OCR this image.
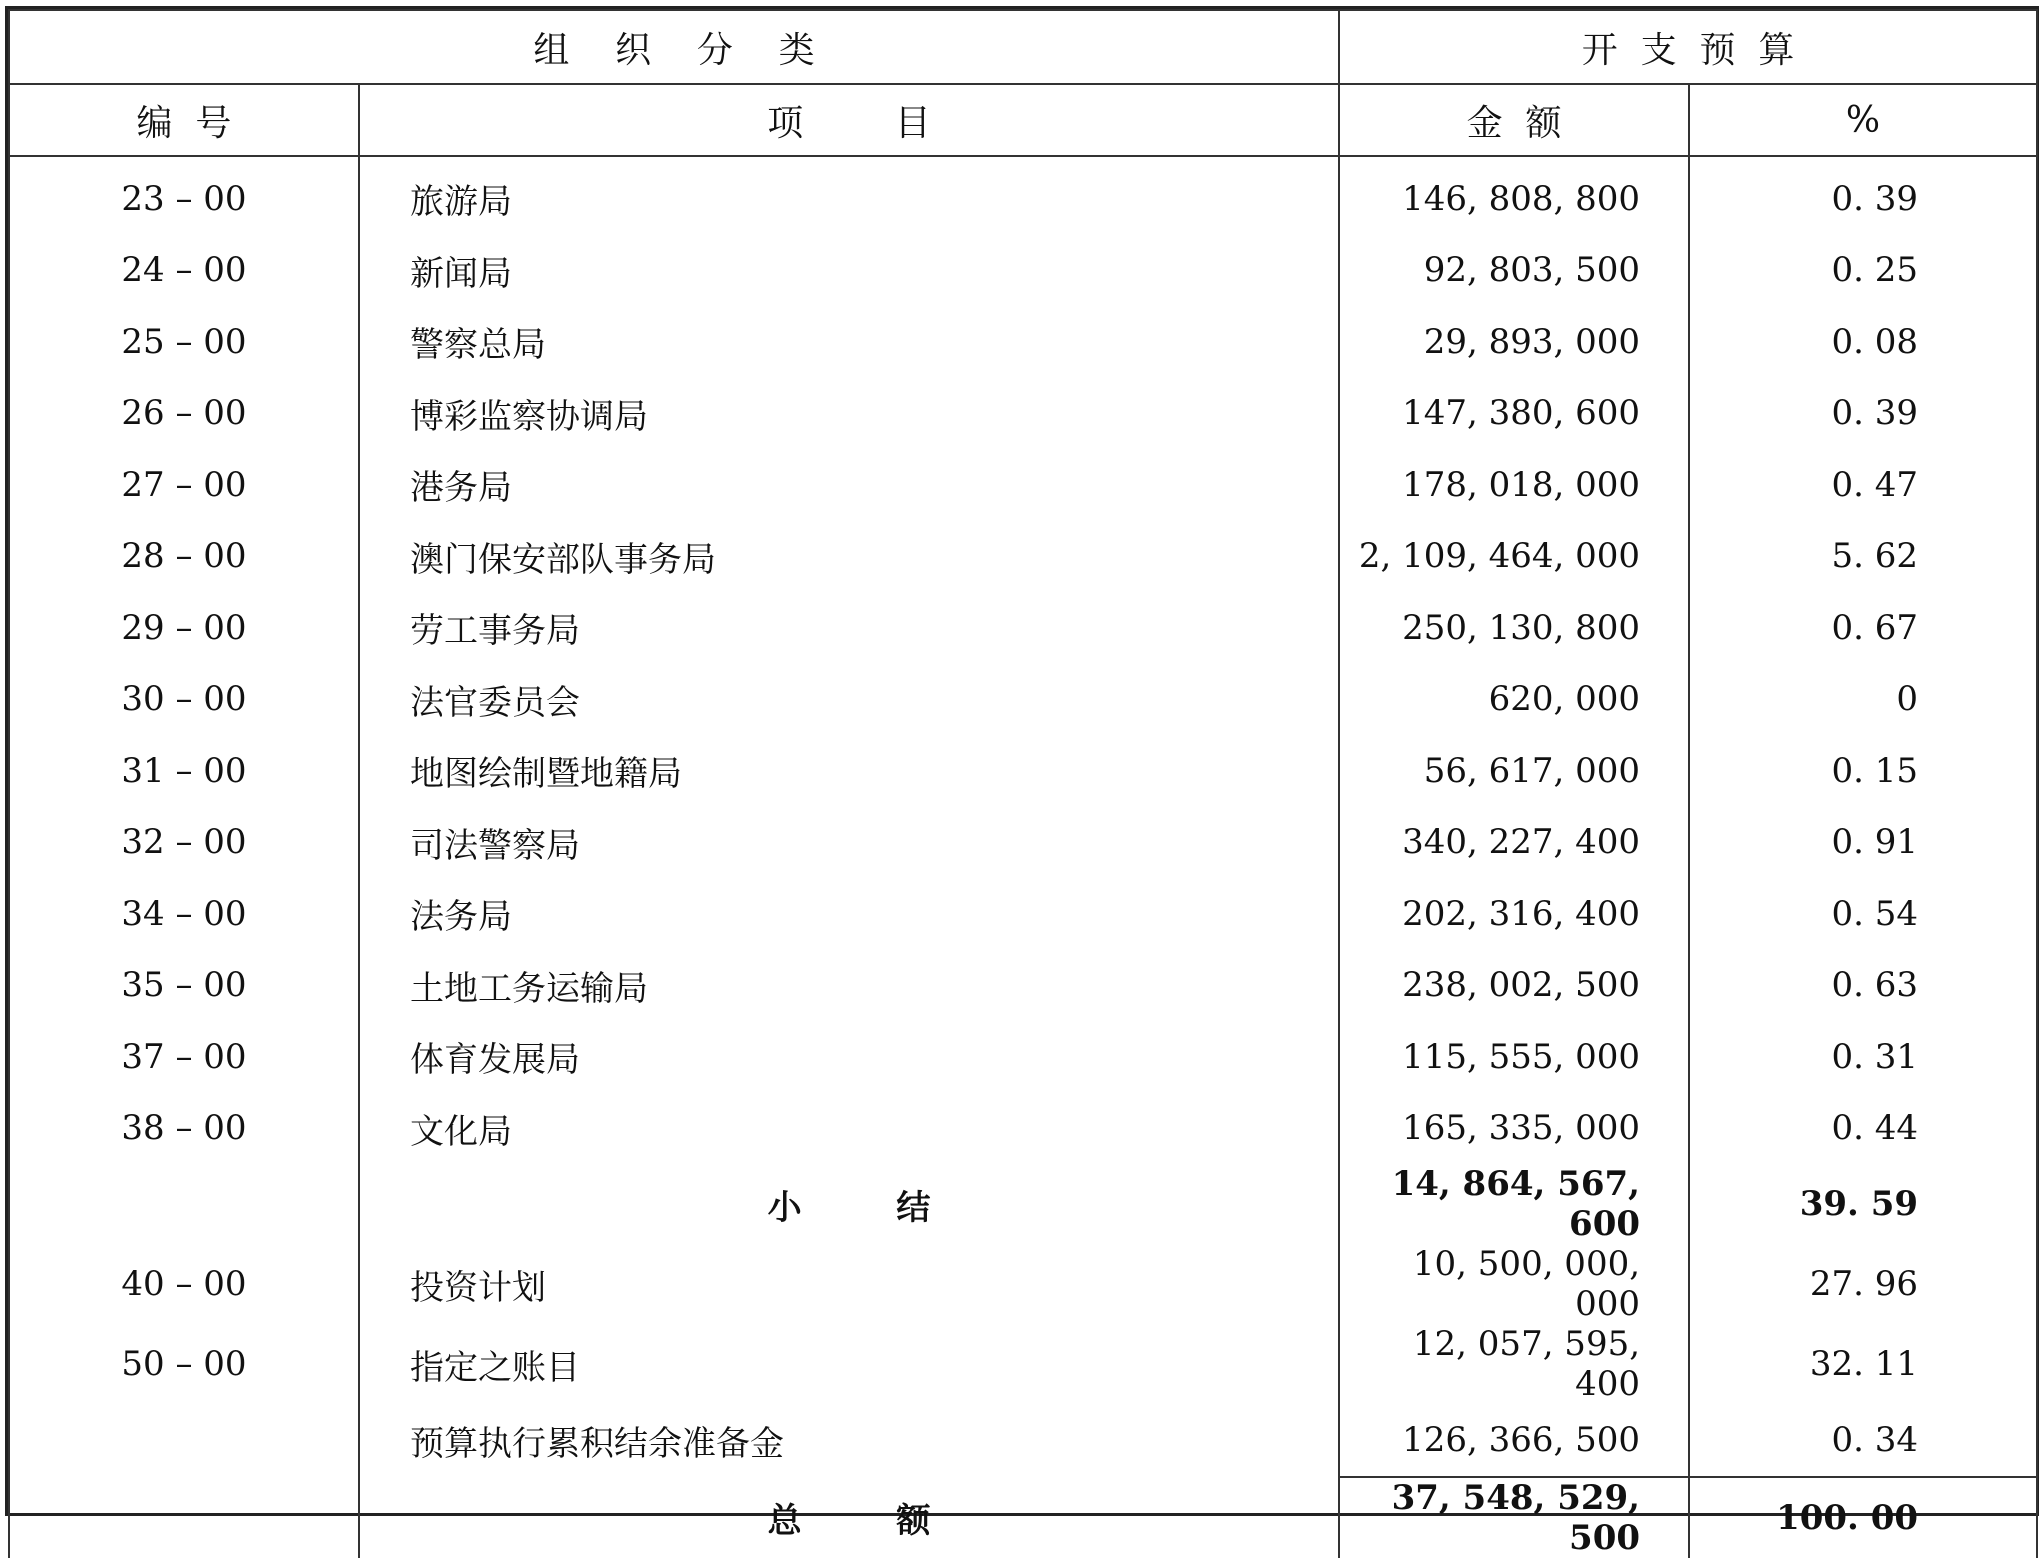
组    织    分    类		开  支  预  算	
编  号	项        目	金  额	%
23 – 00	旅游局	146, 808, 800	0. 39
24 – 00	新闻局	92, 803, 500	0. 25
25 – 00	警察总局	29, 893, 000	0. 08
26 – 00	博彩监察协调局	147, 380, 600	0. 39
27 – 00	港务局	178, 018, 000	0. 47
28 – 00	澳门保安部队事务局	2, 109, 464, 000	5. 62
29 – 00	劳工事务局	250, 130, 800	0. 67
30 – 00	法官委员会	620, 000	0
31 – 00	地图绘制暨地籍局	56, 617, 000	0. 15
32 – 00	司法警察局	340, 227, 400	0. 91
34 – 00	法务局	202, 316, 400	0. 54
35 – 00	土地工务运输局	238, 002, 500	0. 63
37 – 00	体育发展局	115, 555, 000	0. 31
38 – 00	文化局	165, 335, 000	0. 44
	小        结	14, 864, 567, 600	39. 59
40 – 00	投资计划	10, 500, 000, 000	27. 96
50 – 00	指定之账目	12, 057, 595, 400	32. 11
	预算执行累积结余准备金	126, 366, 500	0. 34
	总        额	37, 548, 529, 500	100. 00
